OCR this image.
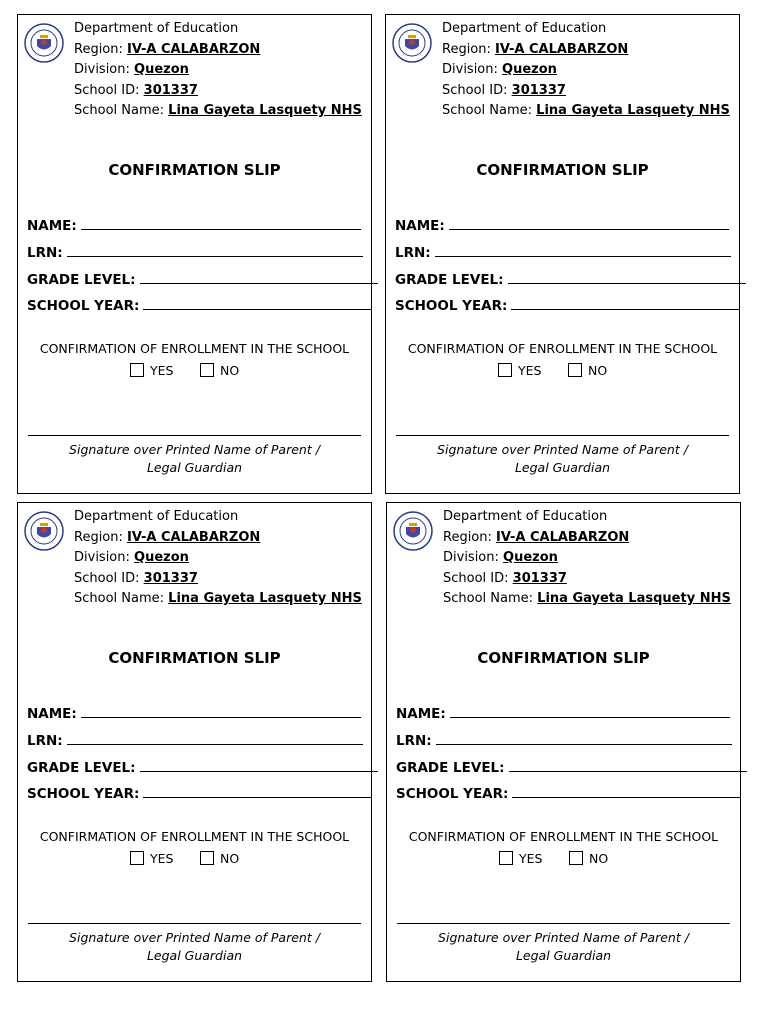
Department of Education
Region: IV-A CALABARZON
Division: Quezon
School ID: 301337
School Name: Lina Gayeta Lasquety NHS
CONFIRMATION SLIP
NAME:
LRN:
GRADE LEVEL:
SCHOOL YEAR:
CONFIRMATION OF ENROLLMENT IN THE SCHOOL
YES	NO
Signature over Printed Name of Parent /
Legal Guardian
Department of Education
Region: IV-A CALABARZON
Division: Quezon
School ID: 301337
School Name: Lina Gayeta Lasquety NHS
CONFIRMATION SLIP
NAME:
LRN:
GRADE LEVEL:
SCHOOL YEAR:
CONFIRMATION OF ENROLLMENT IN THE SCHOOL
YES	NO
Signature over Printed Name of Parent /
Legal Guardian
Department of Education
Region: IV-A CALABARZON
Division: Quezon
School ID: 301337
School Name: Lina Gayeta Lasquety NHS
CONFIRMATION SLIP
NAME:
LRN:
GRADE LEVEL:
SCHOOL YEAR:
CONFIRMATION OF ENROLLMENT IN THE SCHOOL
YES	NO
Signature over Printed Name of Parent /
Legal Guardian
Department of Education
Region: IV-A CALABARZON
Division: Quezon
School ID: 301337
School Name: Lina Gayeta Lasquety NHS
CONFIRMATION SLIP
NAME:
LRN:
GRADE LEVEL:
SCHOOL YEAR:
CONFIRMATION OF ENROLLMENT IN THE SCHOOL
YES	NO
Signature over Printed Name of Parent /
Legal Guardian
